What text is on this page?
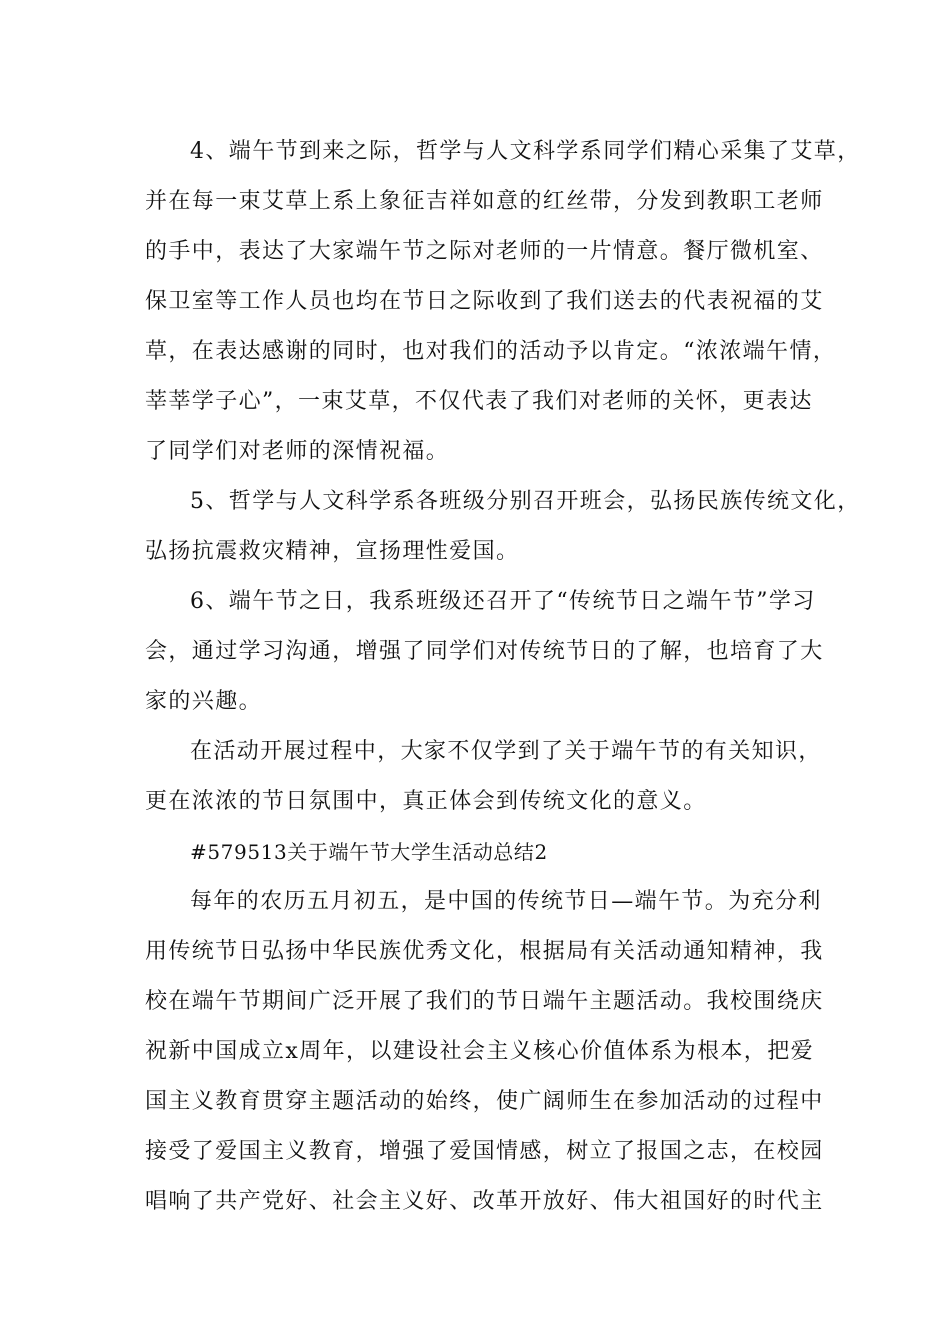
4、端午节到来之际，哲学与人文科学系同学们精心采集了艾草，
并在每一束艾草上系上象征吉祥如意的红丝带，分发到教职工老师
的手中，表达了大家端午节之际对老师的一片情意。餐厅微机室、
保卫室等工作人员也均在节日之际收到了我们送去的代表祝福的艾
草，在表达感谢的同时，也对我们的活动予以肯定。“浓浓端午情，
莘莘学子心”，一束艾草，不仅代表了我们对老师的关怀，更表达
了同学们对老师的深情祝福。
5、哲学与人文科学系各班级分别召开班会，弘扬民族传统文化，
弘扬抗震救灾精神，宣扬理性爱国。
6、端午节之日，我系班级还召开了“传统节日之端午节”学习
会，通过学习沟通，增强了同学们对传统节日的了解，也培育了大
家的兴趣。
在活动开展过程中，大家不仅学到了关于端午节的有关知识，
更在浓浓的节日氛围中，真正体会到传统文化的意义。
#579513关于端午节大学生活动总结2
每年的农历五月初五，是中国的传统节日—端午节。为充分利
用传统节日弘扬中华民族优秀文化，根据局有关活动通知精神，我
校在端午节期间广泛开展了我们的节日端午主题活动。我校围绕庆
祝新中国成立x周年，以建设社会主义核心价值体系为根本，把爱
国主义教育贯穿主题活动的始终，使广阔师生在参加活动的过程中
接受了爱国主义教育，增强了爱国情感，树立了报国之志，在校园
唱响了共产党好、社会主义好、改革开放好、伟大祖国好的时代主
